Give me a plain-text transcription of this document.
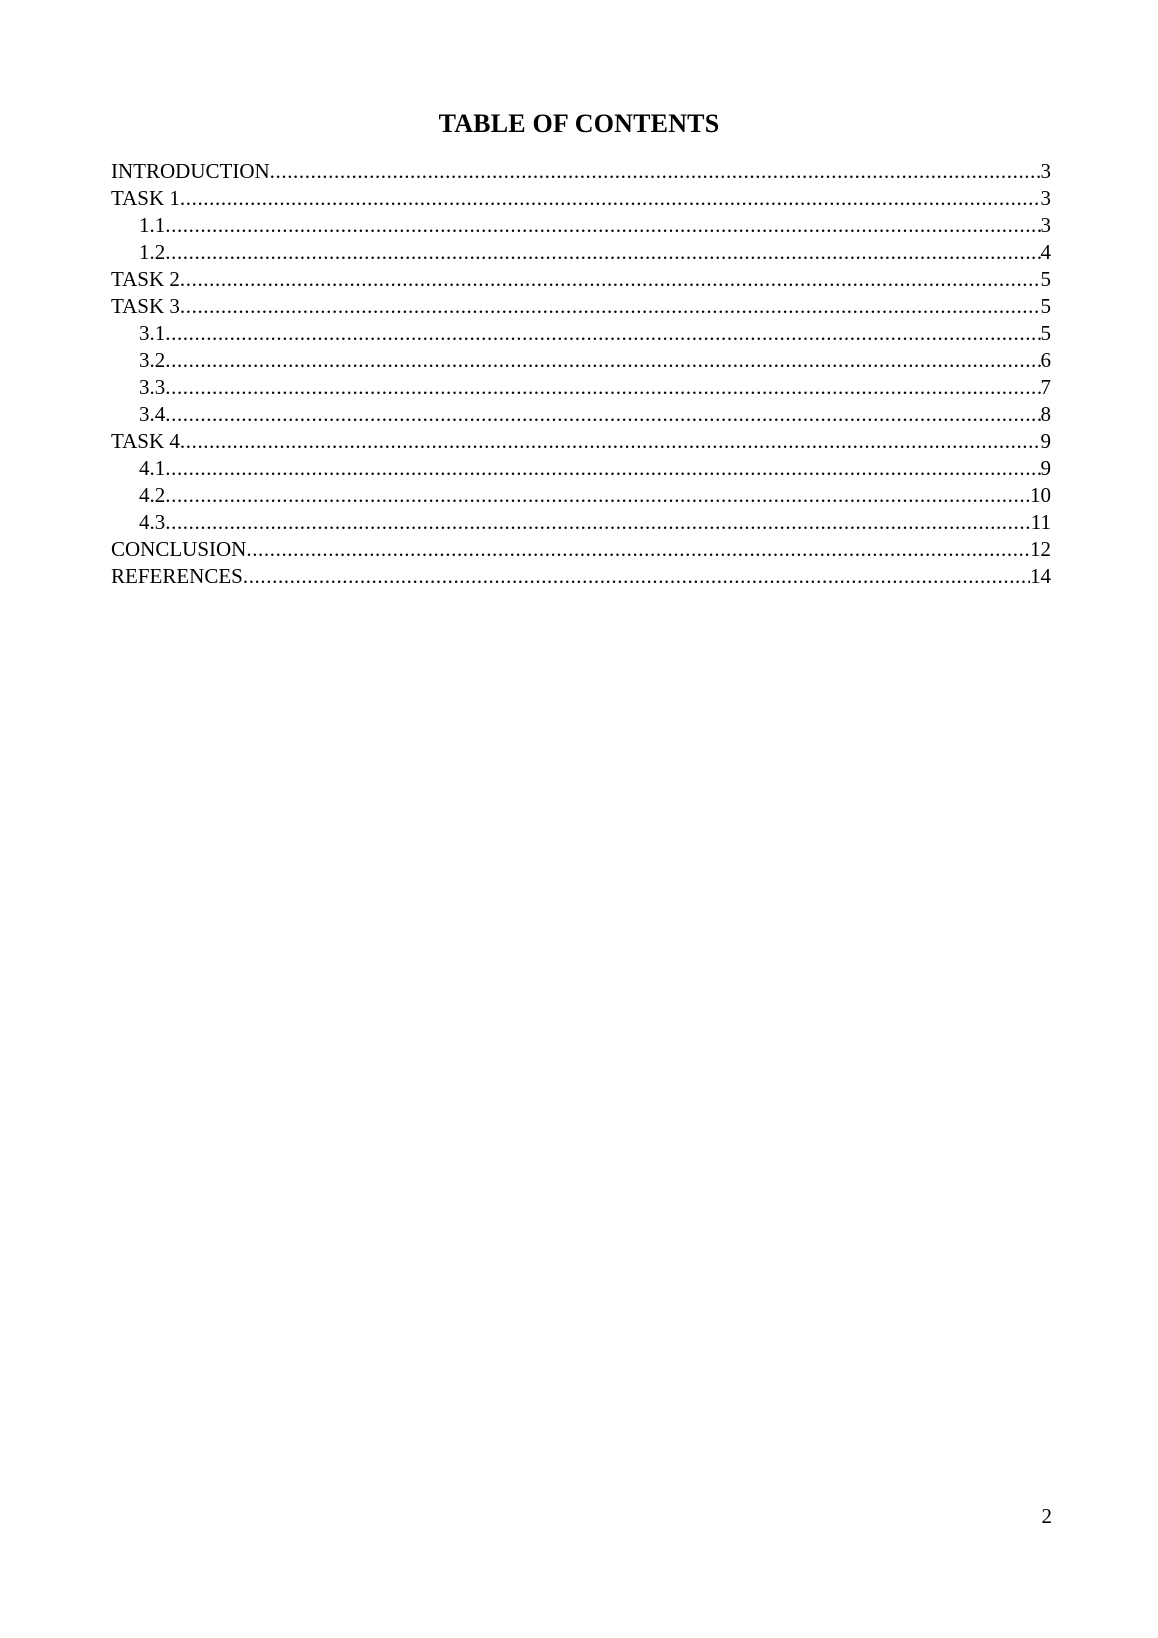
TABLE OF CONTENTS
INTRODUCTION .....	3
TASK 1 .....	3
1.1 .....	3
1.2 .....	4
TASK 2 .....	5
TASK 3 .....	5
3.1 .....	5
3.2 .....	6
3.3 .....	7
3.4 .....	8
TASK 4 .....	9
4.1 .....	9
4.2 .....	10
4.3 .....	11
CONCLUSION .....	12
REFERENCES .....	14
2
